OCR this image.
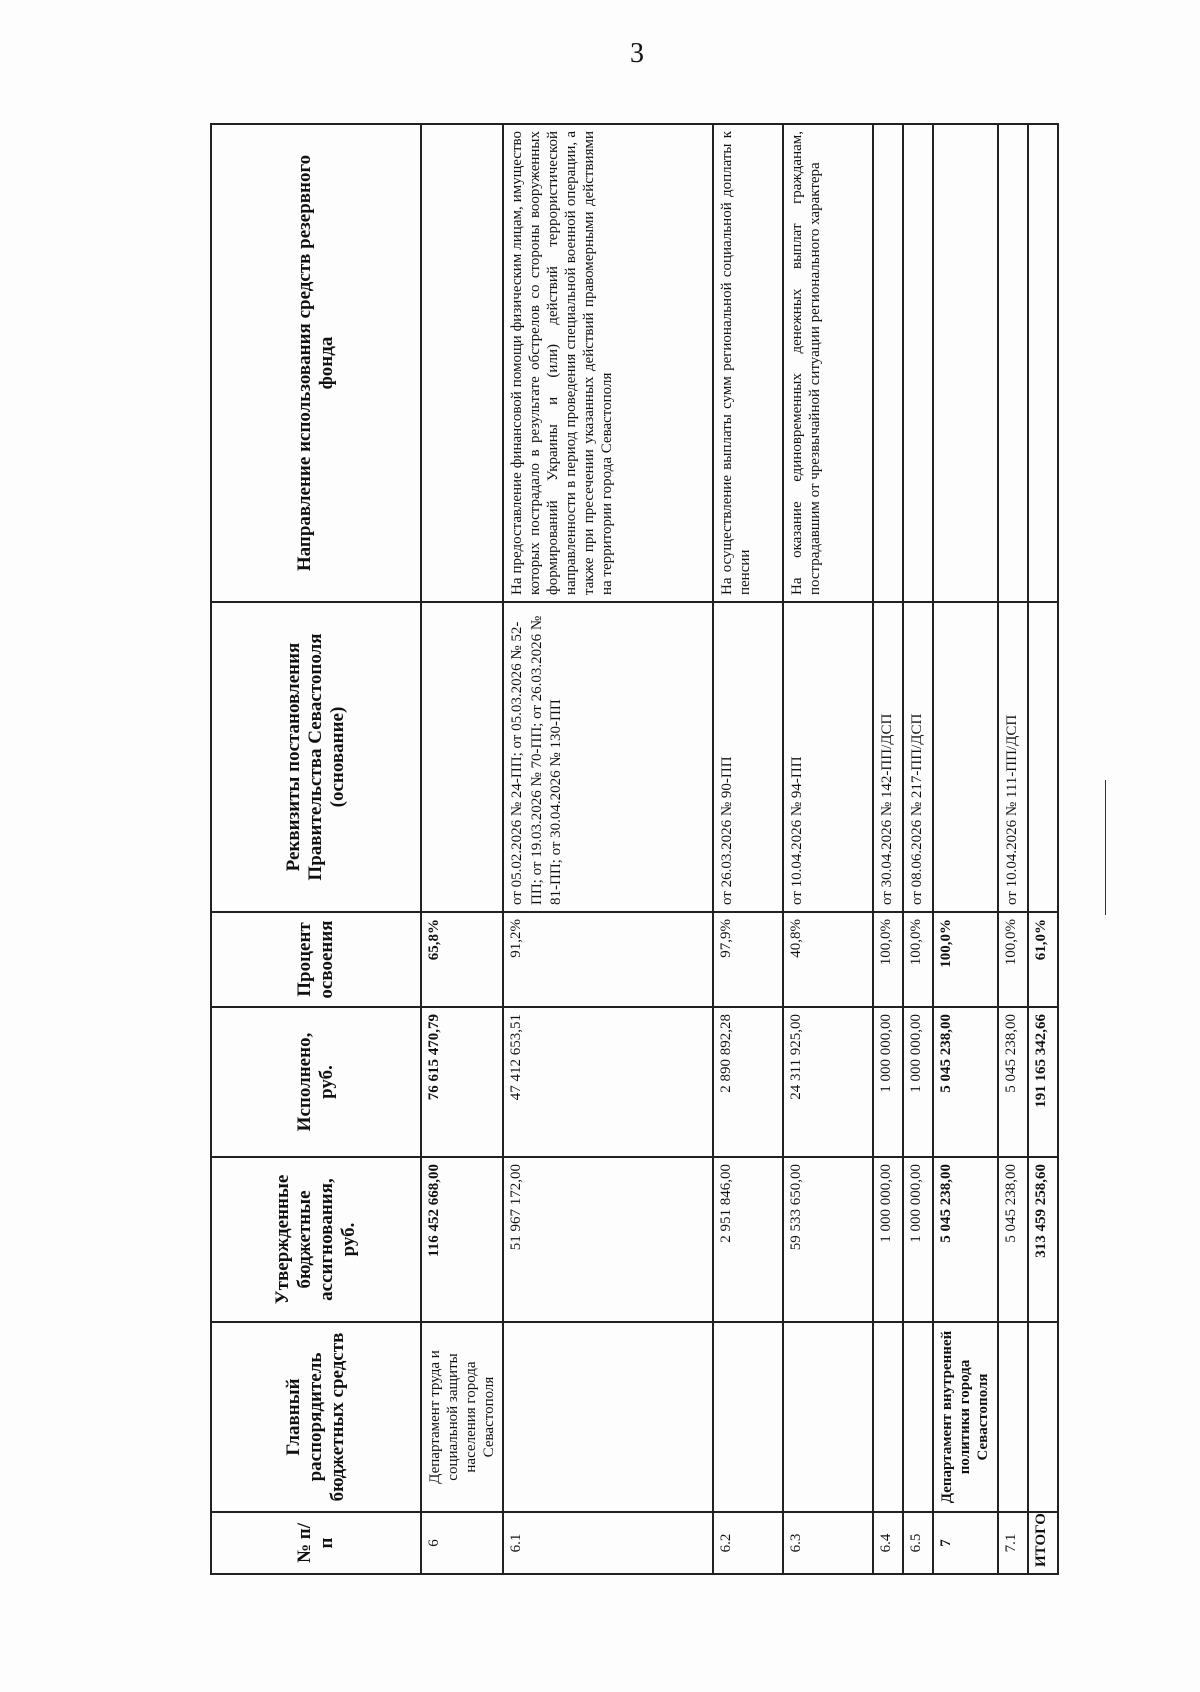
3
№ п/п	Главный распорядитель бюджетных средств	Утвержденные бюджетные ассигнования, руб.	Исполнено, руб.	Процент освоения	Реквизиты постановления Правительства Севастополя (основание)	Направление использования средств резервного фонда
6	Департамент труда и социальной защиты населения города Севастополя	116 452 668,00	76 615 470,79	65,8%		
6.1		51 967 172,00	47 412 653,51	91,2%	от 05.02.2026 № 24-ПП; от 05.03.2026 № 52-ПП; от 19.03.2026 № 70-ПП; от 26.03.2026 № 81-ПП; от 30.04.2026 № 130-ПП	На предоставление финансовой помощи физическим лицам, имущество которых пострадало в результате обстрелов со стороны вооруженных формирований Украины и (или) действий террористической направленности в период проведения специальной военной операции, а также при пресечении указанных действий правомерными действиями на территории города Севастополя
6.2		2 951 846,00	2 890 892,28	97,9%	от 26.03.2026 № 90-ПП	На осуществление выплаты сумм региональной социальной доплаты к пенсии
6.3		59 533 650,00	24 311 925,00	40,8%	от 10.04.2026 № 94-ПП	На оказание единовременных денежных выплат гражданам, пострадавшим от чрезвычайной ситуации регионального характера
6.4		1 000 000,00	1 000 000,00	100,0%	от 30.04.2026 № 142-ПП/ДСП	
6.5		1 000 000,00	1 000 000,00	100,0%	от 08.06.2026 № 217-ПП/ДСП	
7	Департамент внутренней политики города Севастополя	5 045 238,00	5 045 238,00	100,0%		
7.1		5 045 238,00	5 045 238,00	100,0%	от 10.04.2026 № 111-ПП/ДСП	
ИТОГО		313 459 258,60	191 165 342,66	61,0%		
